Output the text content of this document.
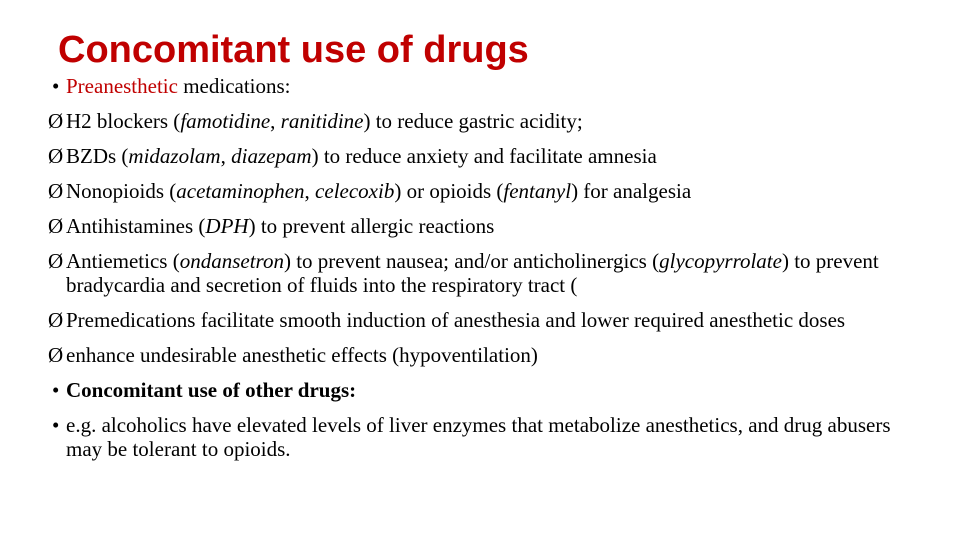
Concomitant use of drugs
• Preanesthetic medications:
Ø H2 blockers (famotidine, ranitidine) to reduce gastric acidity;
Ø BZDs (midazolam, diazepam) to reduce anxiety and facilitate amnesia
Ø Nonopioids (acetaminophen, celecoxib) or opioids (fentanyl) for analgesia
Ø Antihistamines (DPH) to prevent allergic reactions
Ø Antiemetics (ondansetron) to prevent nausea; and/or anticholinergics (glycopyrrolate) to prevent bradycardia and secretion of fluids into the respiratory tract (
Ø Premedications facilitate smooth induction of anesthesia and lower required anesthetic doses
Ø enhance undesirable anesthetic effects (hypoventilation)
• Concomitant use of other drugs:
• e.g. alcoholics have elevated levels of liver enzymes that metabolize anesthetics, and drug abusers may be tolerant to opioids.
